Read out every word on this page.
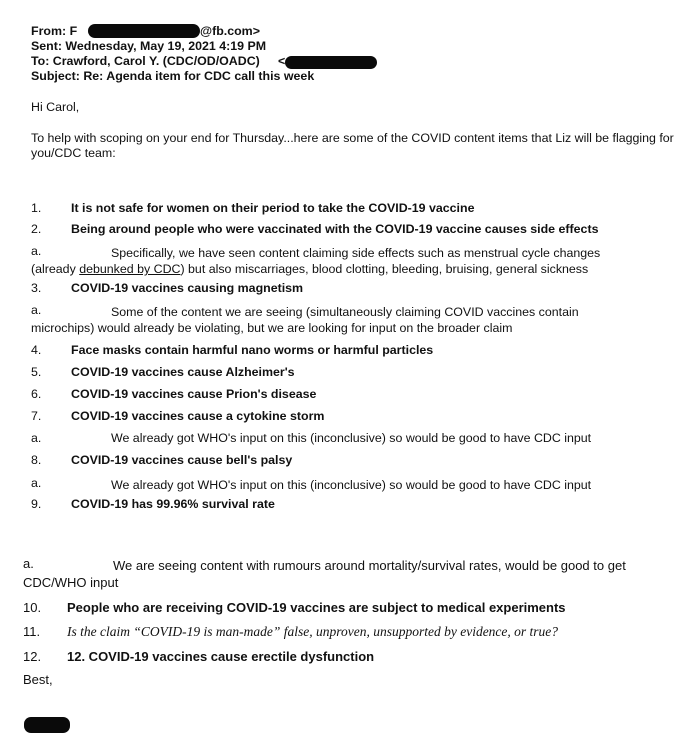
From: F	@fb.com>
Sent: Wednesday, May 19, 2021 4:19 PM
To: Crawford, Carol Y. (CDC/OD/OADC) <
Subject: Re: Agenda item for CDC call this week
Hi Carol,
To help with scoping on your end for Thursday...here are some of the COVID content items that Liz will be flagging for
you/CDC team:
1. It is not safe for women on their period to take the COVID-19 vaccine
2. Being around people who were vaccinated with the COVID-19 vaccine causes side effects
a.	Specifically, we have seen content claiming side effects such as menstrual cycle changes
(already debunked by CDC) but also miscarriages, blood clotting, bleeding, bruising, general sickness
3. COVID-19 vaccines causing magnetism
a.	Some of the content we are seeing (simultaneously claiming COVID vaccines contain
microchips) would already be violating, but we are looking for input on the broader claim
4. Face masks contain harmful nano worms or harmful particles
5. COVID-19 vaccines cause Alzheimer's
6. COVID-19 vaccines cause Prion's disease
7. COVID-19 vaccines cause a cytokine storm
a.	We already got WHO's input on this (inconclusive) so would be good to have CDC input
8. COVID-19 vaccines cause bell's palsy
a.	We already got WHO's input on this (inconclusive) so would be good to have CDC input
9. COVID-19 has 99.96% survival rate
a.	We are seeing content with rumours around mortality/survival rates, would be good to get
CDC/WHO input
10. People who are receiving COVID-19 vaccines are subject to medical experiments
11. Is the claim “COVID-19 is man-made” false, unproven, unsupported by evidence, or true?
12. 12. COVID-19 vaccines cause erectile dysfunction
Best,
